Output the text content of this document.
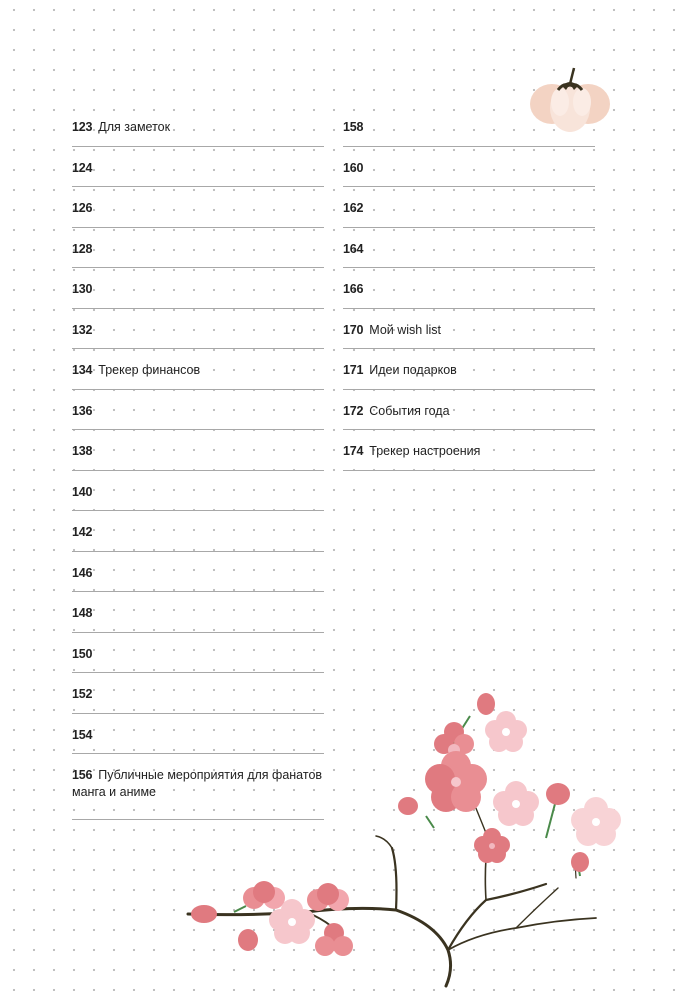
123 Для заметок
124
126
128
130
132
134 Трекер финансов
136
138
140
142
146
148
150
152
154
156 Публичные мероприятия для фанатов манга и аниме
158
160
162
164
166
170 Мой wish list
171 Идеи подарков
172 События года
174 Трекер настроения
